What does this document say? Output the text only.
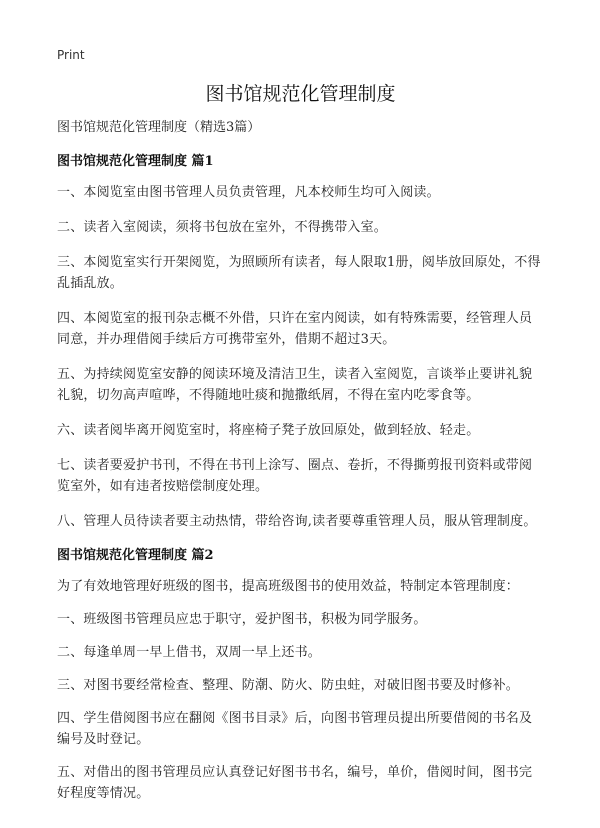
Print
图书馆规范化管理制度
图书馆规范化管理制度（精选3篇）
图书馆规范化管理制度 篇1
一、本阅览室由图书管理人员负责管理，凡本校师生均可入阅读。
二、读者入室阅读，须将书包放在室外，不得携带入室。
三、本阅览室实行开架阅览，为照顾所有读者，每人限取1册，阅毕放回原处，不得乱插乱放。
四、本阅览室的报刊杂志概不外借，只许在室内阅读，如有特殊需要，经管理人员同意，并办理借阅手续后方可携带室外，借期不超过3天。
五、为持续阅览室安静的阅读环境及清洁卫生，读者入室阅览，言谈举止要讲礼貌礼貌，切勿高声喧哗，不得随地吐痰和抛撒纸屑，不得在室内吃零食等。
六、读者阅毕离开阅览室时，将座椅子凳子放回原处，做到轻放、轻走。
七、读者要爱护书刊，不得在书刊上涂写、圈点、卷折，不得撕剪报刊资料或带阅览室外，如有违者按赔偿制度处理。
八、管理人员待读者要主动热情，带给咨询,读者要尊重管理人员，服从管理制度。
图书馆规范化管理制度 篇2
为了有效地管理好班级的图书，提高班级图书的使用效益，特制定本管理制度：
一、班级图书管理员应忠于职守，爱护图书，积极为同学服务。
二、每逢单周一早上借书，双周一早上还书。
三、对图书要经常检查、整理、防潮、防火、防虫蛀，对破旧图书要及时修补。
四、学生借阅图书应在翻阅《图书目录》后，向图书管理员提出所要借阅的书名及编号及时登记。
五、对借出的图书管理员应认真登记好图书书名，编号，单价，借阅时间，图书完好程度等情况。
